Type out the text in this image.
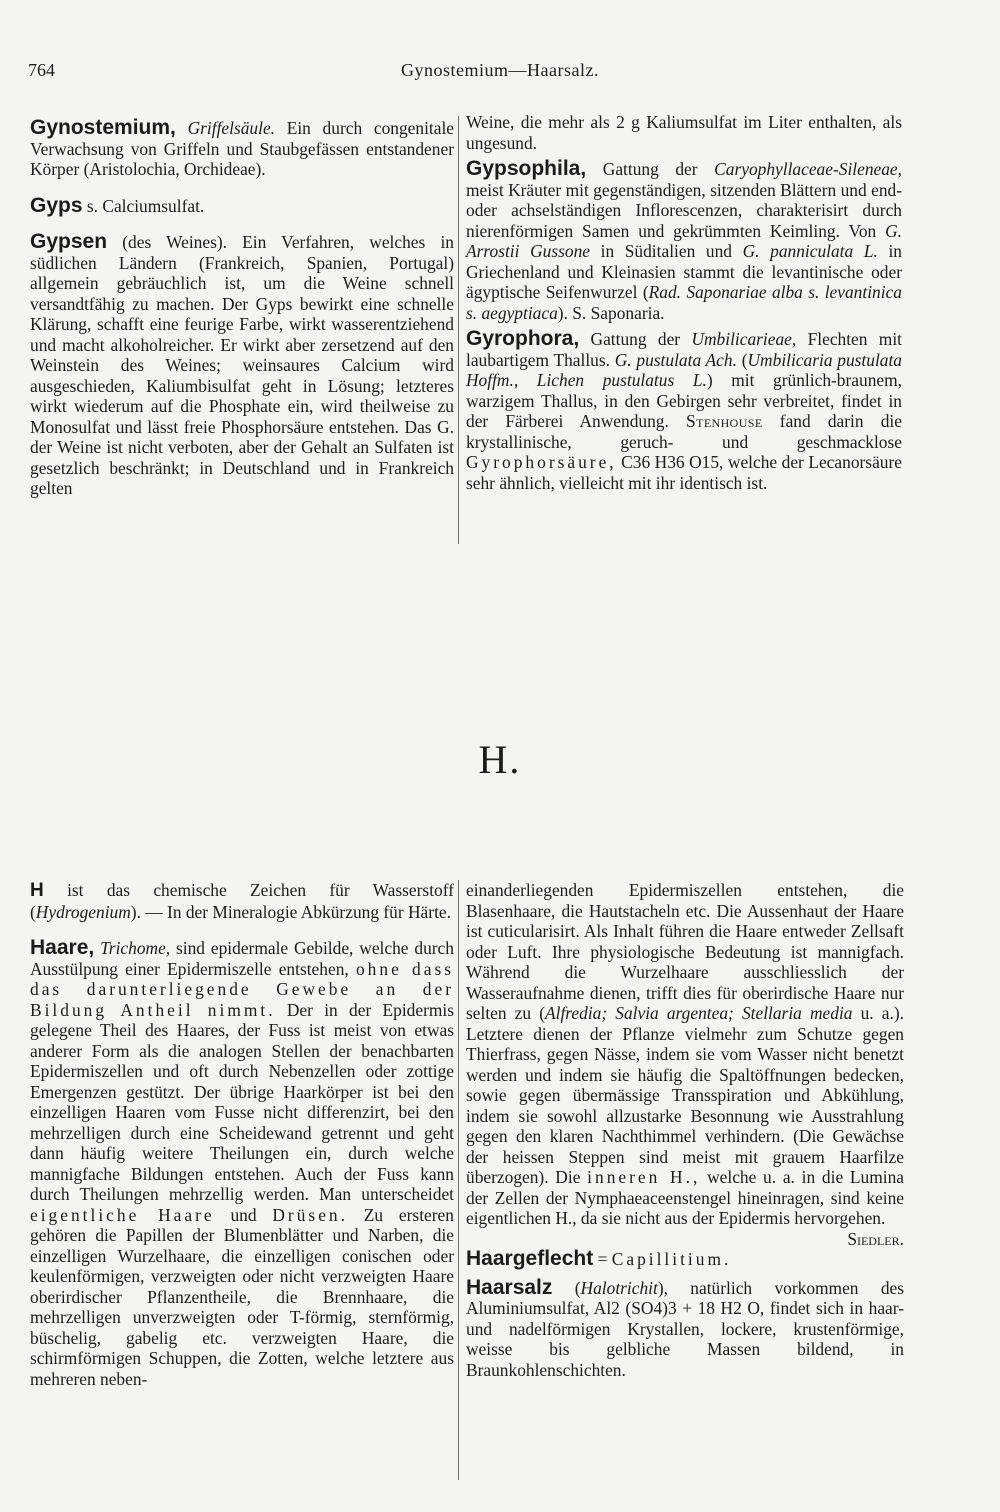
764	Gynostemium—Haarsalz.

Gynostemium, Griffelsäule. Ein durch congenitale Verwachsung von Griffeln und Staubgefässen entstandener Körper (Aristolochia, Orchideae).

Gyps s. Calciumsulfat.

Gypsen (des Weines). Ein Verfahren, welches in südlichen Ländern (Frankreich, Spanien, Portugal) allgemein gebräuchlich ist, um die Weine schnell versandtfähig zu machen. Der Gyps bewirkt eine schnelle Klärung, schafft eine feurige Farbe, wirkt wasserentziehend und macht alkoholreicher. Er wirkt aber zersetzend auf den Weinstein des Weines; weinsaures Calcium wird ausgeschieden, Kaliumbisulfat geht in Lösung; letzteres wirkt wiederum auf die Phosphate ein, wird theilweise zu Monosulfat und lässt freie Phosphorsäure entstehen. Das G. der Weine ist nicht verboten, aber der Gehalt an Sulfaten ist gesetzlich beschränkt; in Deutschland und in Frankreich gelten

Weine, die mehr als 2 g Kaliumsulfat im Liter enthalten, als ungesund.

Gypsophila, Gattung der Caryophyllaceae-Sileneae, meist Kräuter mit gegenständigen, sitzenden Blättern und end- oder achselständigen Inflorescenzen, charakterisirt durch nierenförmigen Samen und gekrümmten Keimling. Von G. Arrostii Gussone in Süditalien und G. panniculata L. in Griechenland und Kleinasien stammt die levantinische oder ägyptische Seifenwurzel (Rad. Saponariae alba s. levantinica s. aegyptiaca). S. Saponaria.

Gyrophora, Gattung der Umbilicarieae, Flechten mit laubartigem Thallus. G. pustulata Ach. (Umbilicaria pustulata Hoffm., Lichen pustulatus L.) mit grünlich-braunem, warzigem Thallus, in den Gebirgen sehr verbreitet, findet in der Färberei Anwendung. Stenhouse fand darin die krystallinische, geruch- und geschmacklose Gyrophorsäure, C36 H36 O15, welche der Lecanorsäure sehr ähnlich, vielleicht mit ihr identisch ist.

H.

H ist das chemische Zeichen für Wasserstoff (Hydrogenium). — In der Mineralogie Abkürzung für Härte.

Haare, Trichome, sind epidermale Gebilde, welche durch Ausstülpung einer Epidermiszelle entstehen, ohne dass das darunterliegende Gewebe an der Bildung Antheil nimmt. Der in der Epidermis gelegene Theil des Haares, der Fuss ist meist von etwas anderer Form als die analogen Stellen der benachbarten Epidermiszellen und oft durch Nebenzellen oder zottige Emergenzen gestützt. Der übrige Haarkörper ist bei den einzelligen Haaren vom Fusse nicht differenzirt, bei den mehrzelligen durch eine Scheidewand getrennt und geht dann häufig weitere Theilungen ein, durch welche mannigfache Bildungen entstehen. Auch der Fuss kann durch Theilungen mehrzellig werden. Man unterscheidet eigentliche Haare und Drüsen. Zu ersteren gehören die Papillen der Blumenblätter und Narben, die einzelligen Wurzelhaare, die einzelligen conischen oder keulenförmigen, verzweigten oder nicht verzweigten Haare oberirdischer Pflanzentheile, die Brennhaare, die mehrzelligen unverzweigten oder T-förmig, sternförmig, büschelig, gabelig etc. verzweigten Haare, die schirmförmigen Schuppen, die Zotten, welche letztere aus mehreren neben-

einanderliegenden Epidermiszellen entstehen, die Blasenhaare, die Hautstacheln etc. Die Aussenhaut der Haare ist cuticularisirt. Als Inhalt führen die Haare entweder Zellsaft oder Luft. Ihre physiologische Bedeutung ist mannigfach. Während die Wurzelhaare ausschliesslich der Wasseraufnahme dienen, trifft dies für oberirdische Haare nur selten zu (Alfredia; Salvia argentea; Stellaria media u. a.). Letztere dienen der Pflanze vielmehr zum Schutze gegen Thierfrass, gegen Nässe, indem sie vom Wasser nicht benetzt werden und indem sie häufig die Spaltöffnungen bedecken, sowie gegen übermässige Transspiration und Abkühlung, indem sie sowohl allzustarke Besonnung wie Ausstrahlung gegen den klaren Nachthimmel verhindern. (Die Gewächse der heissen Steppen sind meist mit grauem Haarfilze überzogen). Die inneren H., welche u. a. in die Lumina der Zellen der Nymphaeaceenstengel hineinragen, sind keine eigentlichen H., da sie nicht aus der Epidermis hervorgehen.
Siedler.

Haargeflecht = Capillitium.

Haarsalz (Halotrichit), natürlich vorkommen des Aluminiumsulfat, Al2 (SO4)3 + 18 H2 O, findet sich in haar- und nadelförmigen Krystallen, lockere, krustenförmige, weisse bis gelbliche Massen bildend, in Braunkohlenschichten.
